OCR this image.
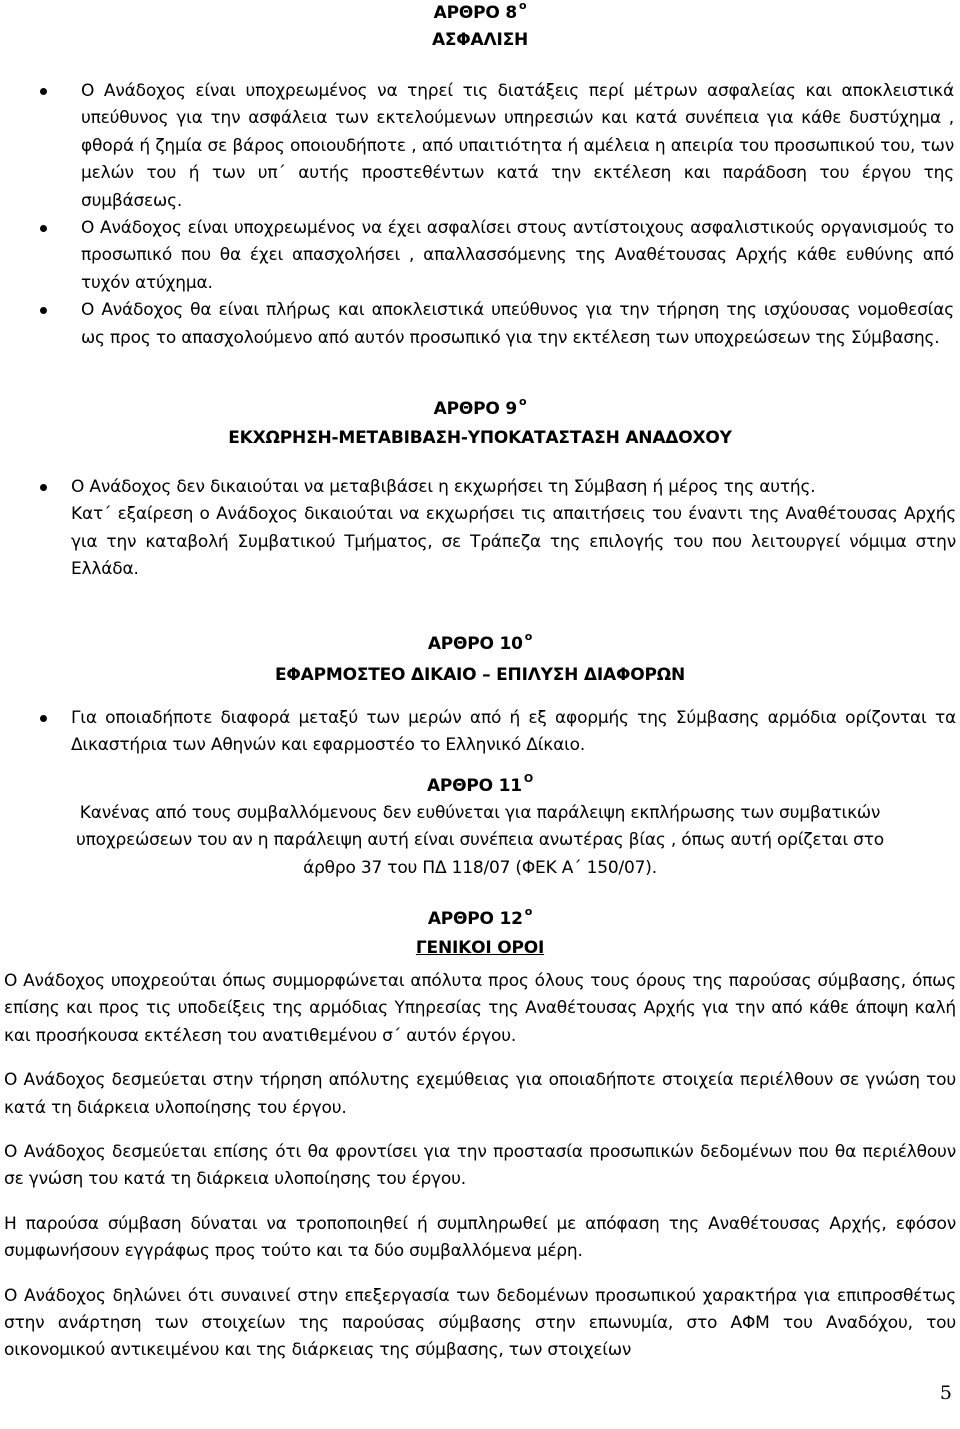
ΑΡΘΡΟ 8 $^o$

ΑΣΦΑΛΙΣΗ

Ο Ανάδοχος είναι υποχρεωμένος να τηρεί τις διατάξεις περί μέτρων ασφαλείας και αποκλειστικά υπεύθυνος για την ασφάλεια των εκτελούμενων υπηρεσιών και κατά συνέπεια για κάθε δυστύχημα , φθορά ή ζημία σε βάρος οποιουδήποτε , από υπαιτιότητα ή αμέλεια η απειρία του προσωπικού του, των μελών του ή των υπ΄ αυτής προστεθέντων κατά την εκτέλεση και παράδοση του έργου της συμβάσεως.
Ο Ανάδοχος είναι υποχρεωμένος να έχει ασφαλίσει στους αντίστοιχους ασφαλιστικούς οργανισμούς το προσωπικό που θα έχει απασχολήσει , απαλλασσόμενης της Αναθέτουσας Αρχής κάθε ευθύνης από τυχόν ατύχημα.
Ο Ανάδοχος θα είναι πλήρως και αποκλειστικά υπεύθυνος για την τήρηση της ισχύουσας νομοθεσίας ως προς το απασχολούμενο από αυτόν προσωπικό για την εκτέλεση των υποχρεώσεων της Σύμβασης.

ΑΡΘΡΟ 9 $^o$

ΕΚΧΩΡΗΣΗ-ΜΕΤΑΒΙΒΑΣΗ-ΥΠΟΚΑΤΑΣΤΑΣΗ ΑΝΑΔΟΧΟΥ

Ο Ανάδοχος δεν δικαιούται να μεταβιβάσει η εκχωρήσει τη Σύμβαση ή μέρος της αυτής.

Κατ΄ εξαίρεση ο Ανάδοχος δικαιούται να εκχωρήσει τις απαιτήσεις του έναντι της Αναθέτουσας Αρχής για την καταβολή Συμβατικού Τμήματος, σε Τράπεζα της επιλογής του που λειτουργεί νόμιμα στην Ελλάδα.

ΑΡΘΡΟ 10 $^o$

ΕΦΑΡΜΟΣΤΕΟ ΔΙΚΑΙΟ – ΕΠΙΛΥΣΗ ΔΙΑΦΟΡΩΝ

Για οποιαδήποτε διαφορά μεταξύ των μερών από ή εξ αφορμής της Σύμβασης αρμόδια ορίζονται τα Δικαστήρια των Αθηνών και εφαρμοστέο το Ελληνικό Δίκαιο.

ΑΡΘΡΟ 11 $^O$

Κανένας από τους συμβαλλόμενους δεν ευθύνεται για παράλειψη εκπλήρωσης των συμβατικών

υποχρεώσεων του αν η παράλειψη αυτή είναι συνέπεια ανωτέρας βίας , όπως αυτή ορίζεται στο

άρθρο 37 του ΠΔ 118/07 (ΦΕΚ Α΄ 150/07).

ΑΡΘΡΟ 12 $^o$

ΓΕΝΙΚΟΙ ΟΡΟΙ

Ο Ανάδοχος υποχρεούται όπως συμμορφώνεται απόλυτα προς όλους τους όρους της παρούσας σύμβασης, όπως επίσης και προς τις υποδείξεις της αρμόδιας Υπηρεσίας της Αναθέτουσας Αρχής για την από κάθε άποψη καλή και προσήκουσα εκτέλεση του ανατιθεμένου σ΄ αυτόν έργου.

Ο Ανάδοχος δεσμεύεται στην τήρηση απόλυτης εχεμύθειας για οποιαδήποτε στοιχεία περιέλθουν σε γνώση του κατά τη διάρκεια υλοποίησης του έργου.

Ο Ανάδοχος δεσμεύεται επίσης ότι θα φροντίσει για την προστασία προσωπικών δεδομένων που θα περιέλθουν σε γνώση του κατά τη διάρκεια υλοποίησης του έργου.

Η παρούσα σύμβαση δύναται να τροποποιηθεί ή συμπληρωθεί με απόφαση της Αναθέτουσας Αρχής, εφόσον συμφωνήσουν εγγράφως προς τούτο και τα δύο συμβαλλόμενα μέρη.

Ο Ανάδοχος δηλώνει ότι συναινεί στην επεξεργασία των δεδομένων προσωπικού χαρακτήρα για επιπροσθέτως στην ανάρτηση των στοιχείων της παρούσας σύμβασης στην επωνυμία, στο ΑΦΜ του Αναδόχου, του οικονομικού αντικειμένου και της διάρκειας της σύμβασης, των στοιχείων

5
